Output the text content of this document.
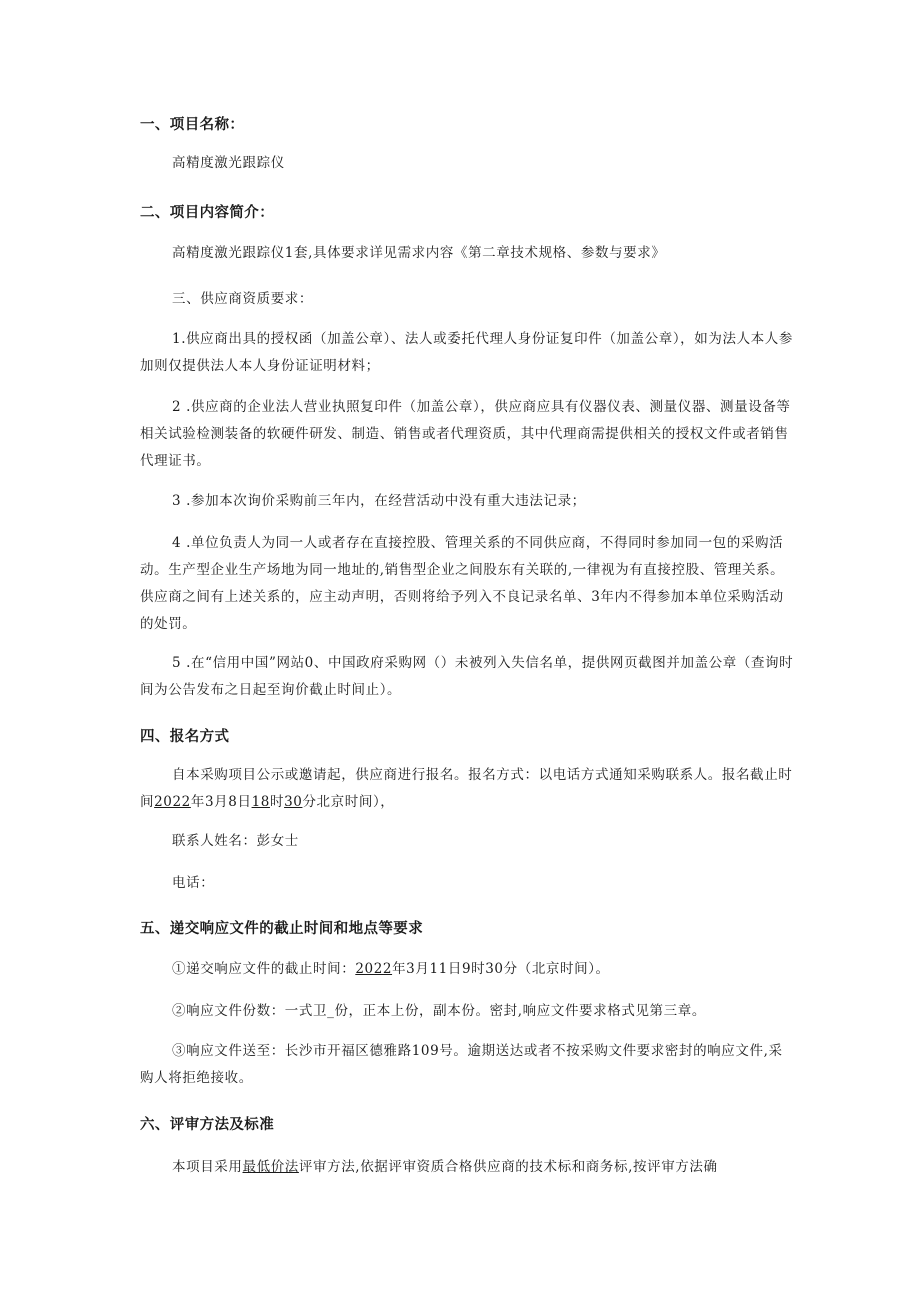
一、项目名称：

高精度激光跟踪仪

二、项目内容简介：

高精度激光跟踪仪1套,具体要求详见需求内容《第二章技术规格、参数与要求》

三、供应商资质要求：

1.供应商出具的授权函（加盖公章）、法人或委托代理人身份证复印件（加盖公章），如为法人本人参加则仅提供法人本人身份证证明材料；

2 .供应商的企业法人营业执照复印件（加盖公章），供应商应具有仪器仪表、测量仪器、测量设备等相关试验检测装备的软硬件研发、制造、销售或者代理资质，其中代理商需提供相关的授权文件或者销售代理证书。

3 .参加本次询价采购前三年内，在经营活动中没有重大违法记录；

4 .单位负责人为同一人或者存在直接控股、管理关系的不同供应商，不得同时参加同一包的采购活动。生产型企业生产场地为同一地址的,销售型企业之间股东有关联的,一律视为有直接控股、管理关系。供应商之间有上述关系的，应主动声明，否则将给予列入不良记录名单、3年内不得参加本单位采购活动的处罚。

5 .在“信用中国”网站0、中国政府采购网（）未被列入失信名单，提供网页截图并加盖公章（查询时间为公告发布之日起至询价截止时间止）。

四、报名方式

自本采购项目公示或邀请起，供应商进行报名。报名方式：以电话方式通知采购联系人。报名截止时间2022年3月8日18时30分北京时间），

联系人姓名：彭女士

电话：

五、递交响应文件的截止时间和地点等要求

①递交响应文件的截止时间：2022年3月11日9时30分（北京时间）。

②响应文件份数：一式卫_份，正本上份，副本份。密封,响应文件要求格式见第三章。

③响应文件送至：长沙市开福区德雅路109号。逾期送达或者不按采购文件要求密封的响应文件,采购人将拒绝接收。

六、评审方法及标准

本项目采用最低价法评审方法,依据评审资质合格供应商的技术标和商务标,按评审方法确
